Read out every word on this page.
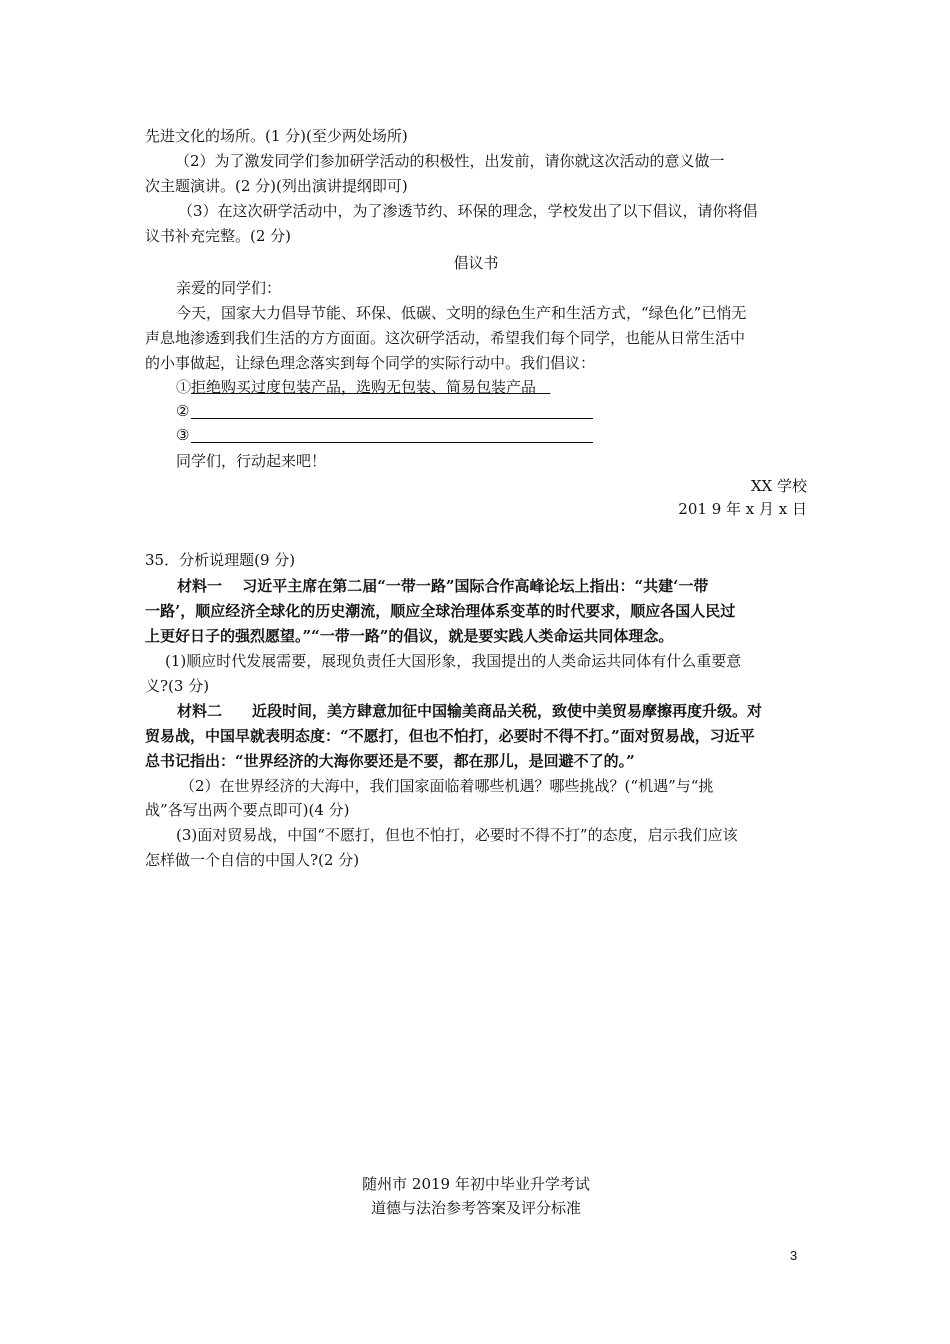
先进文化的场所。(1 分)(至少两处场所)
（2）为了激发同学们参加研学活动的积极性，出发前，请你就这次活动的意义做一
次主题演讲。(2 分)(列出演讲提纲即可)
（3）在这次研学活动中，为了渗透节约、环保的理念，学校发出了以下倡议，请你将倡
议书补充完整。(2 分)
倡议书
亲爱的同学们：
今天，国家大力倡导节能、环保、低碳、文明的绿色生产和生活方式，“绿色化”已悄无
声息地渗透到我们生活的方方面面。这次研学活动，希望我们每个同学，也能从日常生活中
的小事做起，让绿色理念落实到每个同学的实际行动中。我们倡议：
①拒绝购买过度包装产品，选购无包装、简易包装产品
②
③
同学们，行动起来吧！
XX 学校
201 9 年 x 月 x 日
35．分析说理题(9 分)
材料一　 习近平主席在第二届“一带一路”国际合作高峰论坛上指出：“共建‘一带
一路’，顺应经济全球化的历史潮流，顺应全球治理体系变革的时代要求，顺应各国人民过
上更好日子的强烈愿望。”“一带一路”的倡议，就是要实践人类命运共同体理念。
(1)顺应时代发展需要，展现负责任大国形象，我国提出的人类命运共同体有什么重要意
义?(3 分)
材料二　　近段时间，美方肆意加征中国输美商品关税，致使中美贸易摩擦再度升级。对
贸易战，中国早就表明态度：“不愿打，但也不怕打，必要时不得不打。”面对贸易战，习近平
总书记指出：“世界经济的大海你要还是不要，都在那儿，是回避不了的。”
（2）在世界经济的大海中，我们国家面临着哪些机遇？哪些挑战？(“机遇”与“挑
战”各写出两个要点即可)(4 分)
(3)面对贸易战，中国“不愿打，但也不怕打，必要时不得不打”的态度，启示我们应该
怎样做一个自信的中国人?(2 分)
随州市 2019 年初中毕业升学考试
道德与法治参考答案及评分标准
3
